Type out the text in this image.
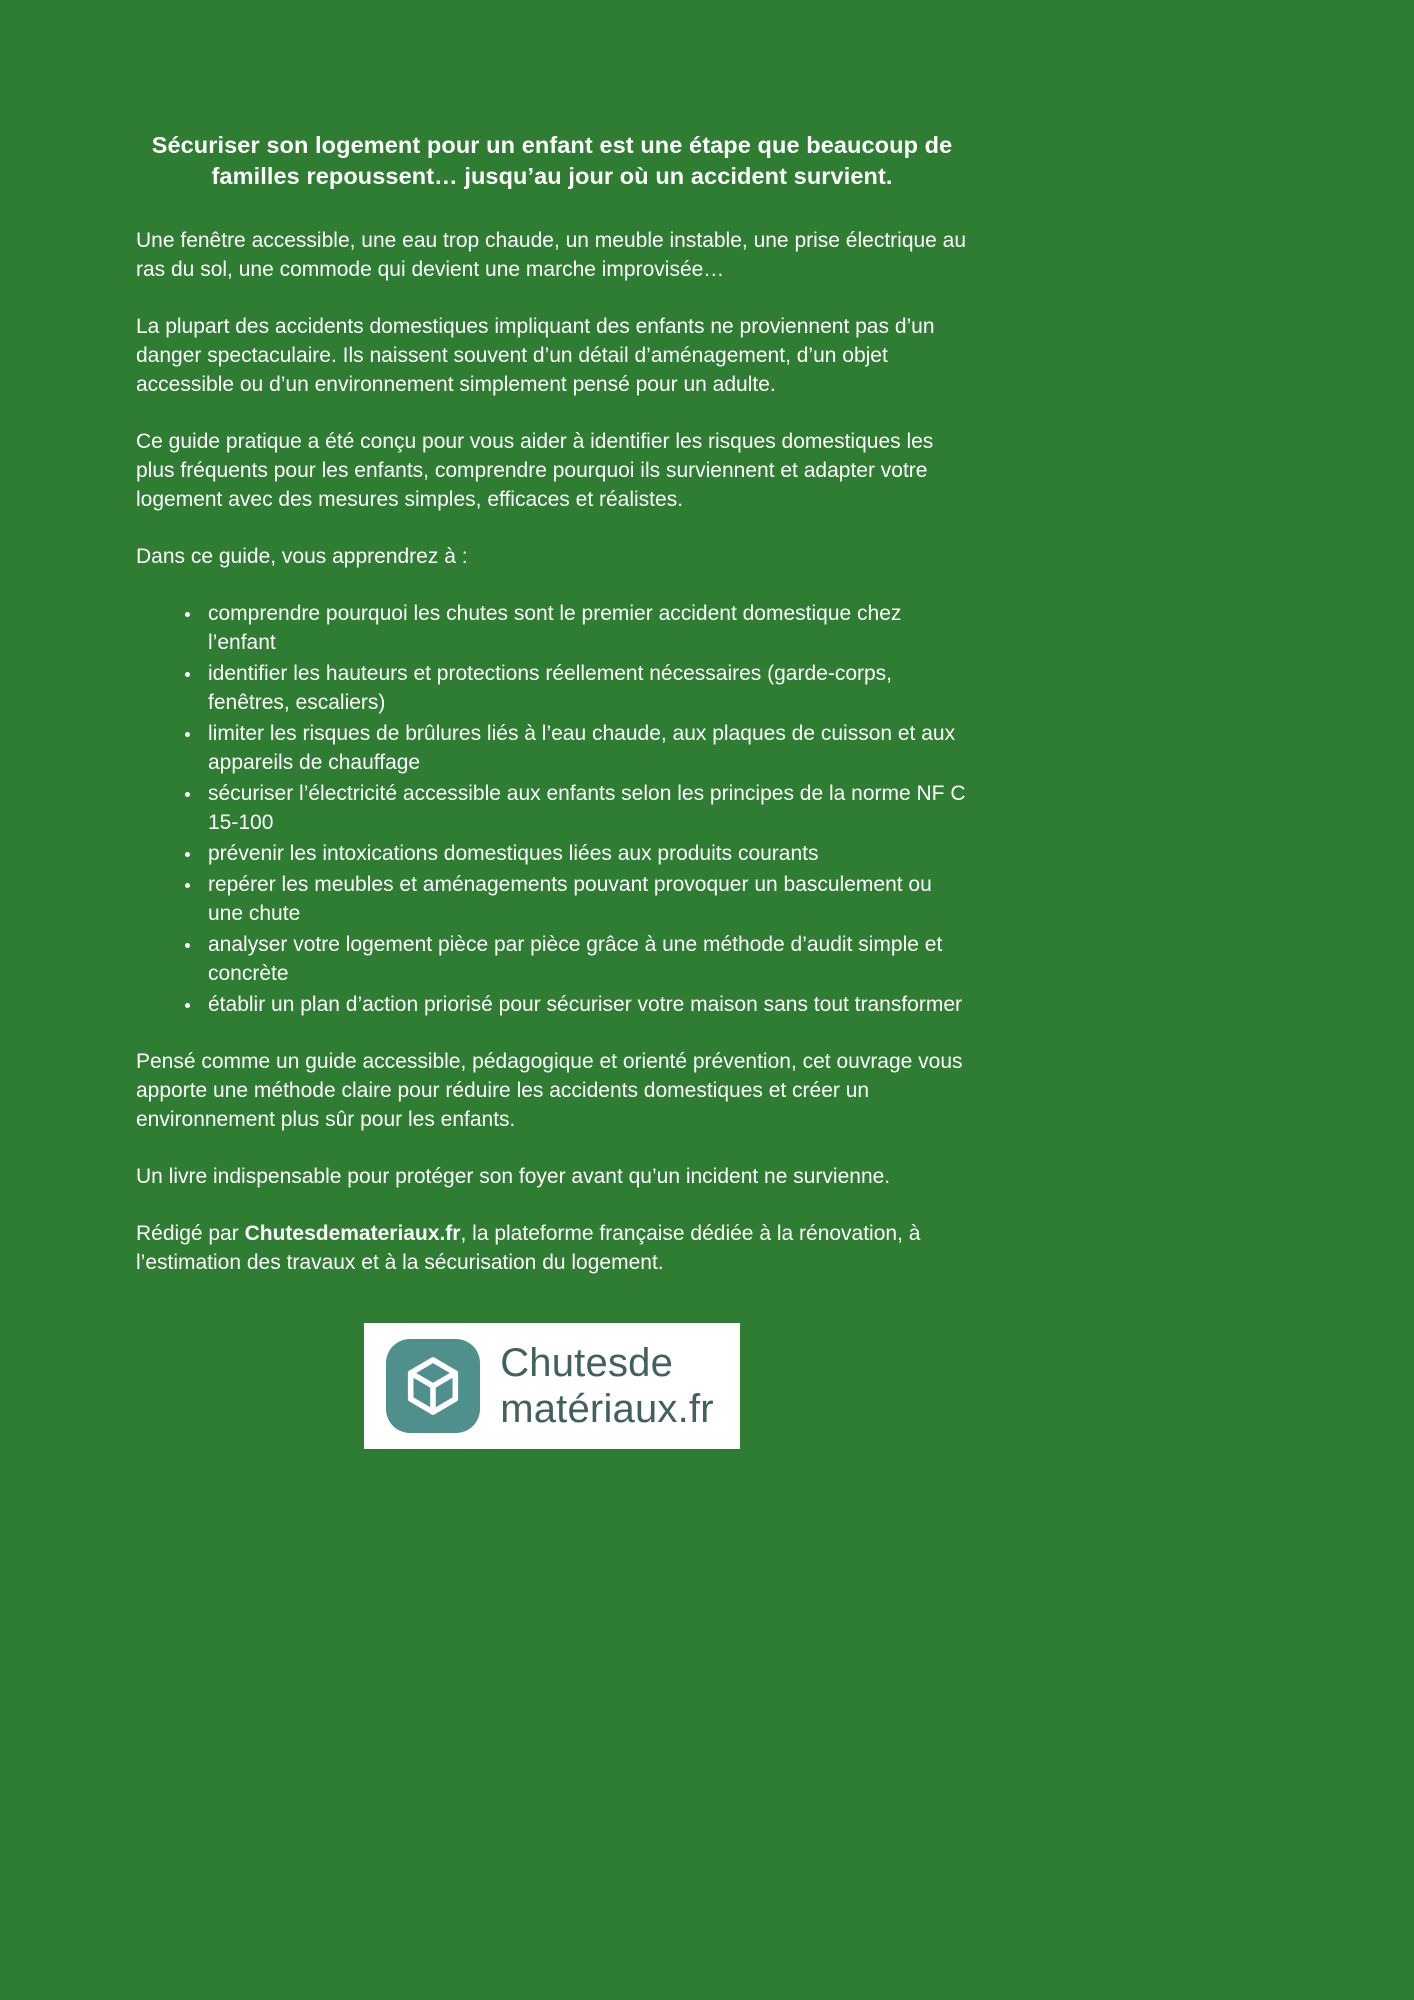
Sécuriser son logement pour un enfant est une étape que beaucoup de familles repoussent… jusqu’au jour où un accident survient.

Une fenêtre accessible, une eau trop chaude, un meuble instable, une prise électrique au ras du sol, une commode qui devient une marche improvisée…

La plupart des accidents domestiques impliquant des enfants ne proviennent pas d’un danger spectaculaire. Ils naissent souvent d’un détail d’aménagement, d’un objet accessible ou d’un environnement simplement pensé pour un adulte.

Ce guide pratique a été conçu pour vous aider à identifier les risques domestiques les plus fréquents pour les enfants, comprendre pourquoi ils surviennent et adapter votre logement avec des mesures simples, efficaces et réalistes.

Dans ce guide, vous apprendrez à :

• comprendre pourquoi les chutes sont le premier accident domestique chez l’enfant
• identifier les hauteurs et protections réellement nécessaires (garde-corps, fenêtres, escaliers)
• limiter les risques de brûlures liés à l’eau chaude, aux plaques de cuisson et aux appareils de chauffage
• sécuriser l’électricité accessible aux enfants selon les principes de la norme NF C 15-100
• prévenir les intoxications domestiques liées aux produits courants
• repérer les meubles et aménagements pouvant provoquer un basculement ou une chute
• analyser votre logement pièce par pièce grâce à une méthode d’audit simple et concrète
• établir un plan d’action priorisé pour sécuriser votre maison sans tout transformer

Pensé comme un guide accessible, pédagogique et orienté prévention, cet ouvrage vous apporte une méthode claire pour réduire les accidents domestiques et créer un environnement plus sûr pour les enfants.

Un livre indispensable pour protéger son foyer avant qu’un incident ne survienne.

Rédigé par Chutesdemateriaux.fr, la plateforme française dédiée à la rénovation, à l’estimation des travaux et à la sécurisation du logement.

Chutesde
matériaux.fr
